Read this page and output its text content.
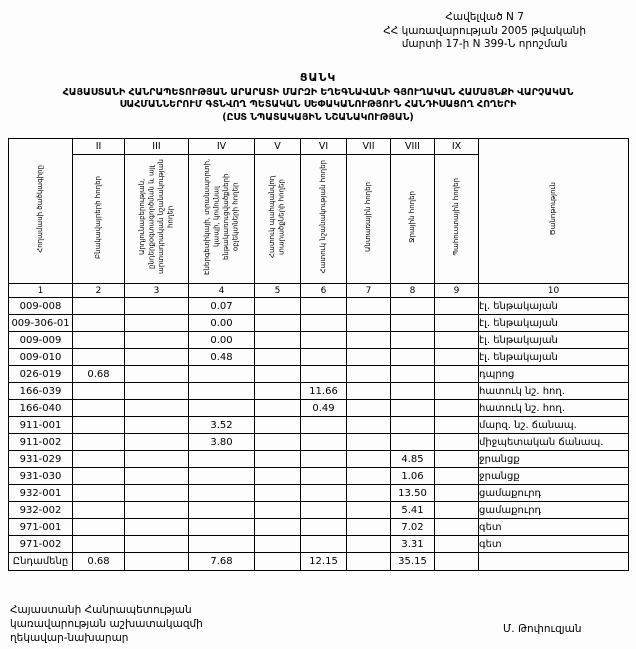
Հավելված N 7
ՀՀ կառավարության 2005 թվականի
մարտի 17-ի N 399-Ն որոշման
ՑԱՆԿ
ՀԱՅԱՍՏԱՆԻ ՀԱՆՐԱՊԵՏՈՒԹՅԱՆ ԱՐԱՐԱՏԻ ՄԱՐԶԻ ԵՂԵԳՆԱՎԱՆԻ ԳՅՈՒՂԱԿԱՆ ՀԱՄԱՅՆՔԻ ՎԱՐՉԱԿԱՆ
ՍԱՀՄԱՆՆԵՐՈՒՄ ԳՏՆՎՈՂ ՊԵՏԱԿԱՆ ՍԵՓԱԿԱՆՈՒԹՅՈՒՆ ՀԱՆԴԻՍԱՑՈՂ ՀՈՂԵՐԻ
(ԸՍՏ ՆՊԱՏԱԿԱՅԻՆ ՆՇԱՆԱԿՈՒԹՅԱՆ)
Հողամասի ծածկագիրը	II	III	IV	V	VI	VII	VIII	IX	Ծանոթություն
	Բնակավայրերի հողեր	Արդյունաբերության, ընդերքօգտագործման և այլ արտադրական նշանակության հողեր	Էներգետիկայի, տրանսպորտի, կապի, կոմունալ ենթակառուցվածքների օբյեկտների հողեր	Հատուկ պահպանվող տարածքների հողեր	Հատուկ նշանակության հողեր	Անտառային հողեր	Ջրային հողեր	Պահուստային հողեր	
1	2	3	4	5	6	7	8	9	10
009-008			0.07						էլ. ենթակայան
009-306-01			0.00						էլ. ենթակայան
009-009			0.00						էլ. ենթակայան
009-010			0.48						էլ. ենթակայան
026-019	0.68								դպրոց
166-039					11.66				հատուկ նշ. հող.
166-040					0.49				հատուկ նշ. հող.
911-001			3.52						մարզ. նշ. ճանապ.
911-002			3.80						միջպետական ճանապ.
931-029							4.85		ջրանցք
931-030							1.06		ջրանցք
932-001							13.50		ցամաքուրդ
932-002							5.41		ցամաքուրդ
971-001							7.02		գետ
971-002							3.31		գետ
Ընդամենը	0.68		7.68		12.15		35.15		
Հայաստանի Հանրապետության
կառավարության աշխատակազմի
ղեկավար-նախարար
Մ. Թոփուզյան
